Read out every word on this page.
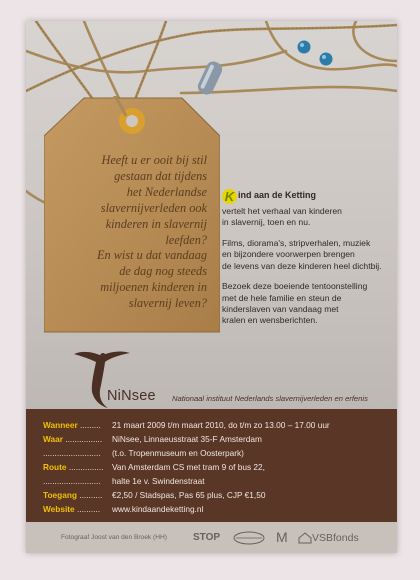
Heeft u er ooit bij stil
gestaan dat tijdens
het Nederlandse
slavernijverleden ook
kinderen in slavernij
leefden?
En wist u dat vandaag
de dag nog steeds
miljoenen kinderen in
slavernij leven?
K ind aan de Ketting
vertelt het verhaal van kinderen
in slavernij, toen en nu.
Films, diorama's, stripverhalen, muziek
en bijzondere voorwerpen brengen
de levens van deze kinderen heel dichtbij.
Bezoek deze boeiende tentoonstelling
met de hele familie en steun de
kinderslaven van vandaag met
kralen en wensberichten.
NiNsee Nationaal instituut Nederlands slavernijverleden en erfenis
Wanneer ......... 21 maart 2009 t/m maart 2010, do t/m zo 13.00 – 17.00 uur
Waar ................ NiNsee, Linnaeusstraat 35-F Amsterdam
......................... (t.o. Tropenmuseum en Oosterpark)
Route ............... Van Amsterdam CS met tram 9 of bus 22,
......................... halte 1e v. Swindenstraat
Toegang .......... €2,50 / Stadspas, Pas 65 plus, CJP €1,50
Website .......... www.kindaandeketting.nl
Fotograaf Joost van den Broek (HH)	STOP	M VSBfonds
